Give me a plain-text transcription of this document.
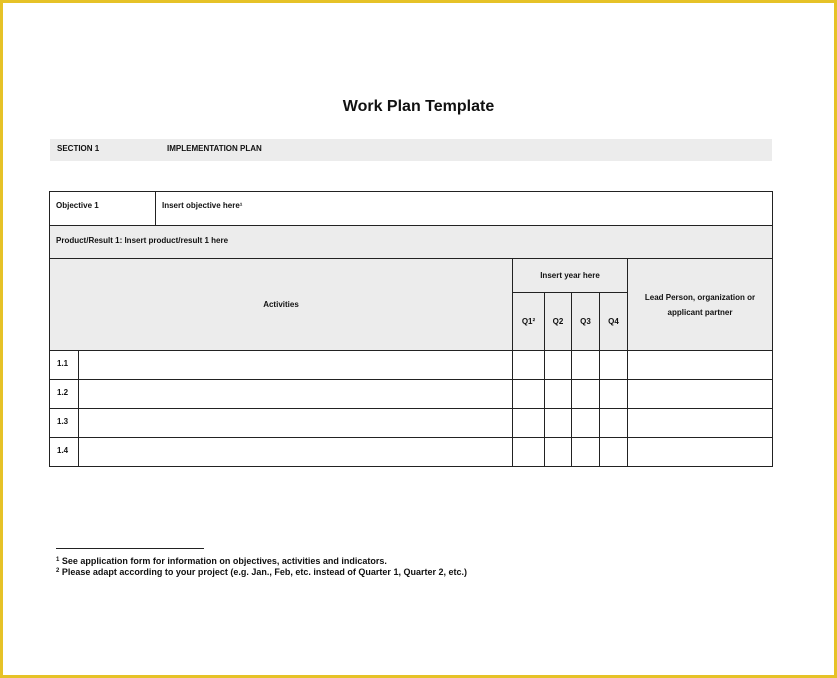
Work Plan Template
SECTION 1	IMPLEMENTATION PLAN
Objective 1	Insert objective here¹
Product/Result 1: Insert product/result 1 here
Activities
Insert year here
Q1² Q2 Q3 Q4
Lead Person, organization or applicant partner
1.1
1.2
1.3
1.4
$^1$ See application form for information on objectives, activities and indicators.
$^2$ Please adapt according to your project (e.g. Jan., Feb, etc. instead of Quarter 1, Quarter 2, etc.)
